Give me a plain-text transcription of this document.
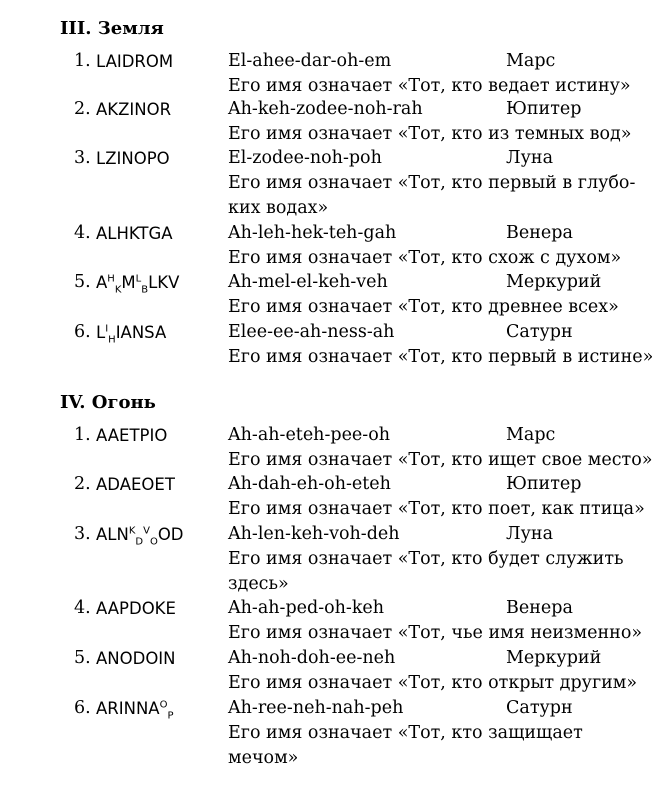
III. Земля
1. LAIDROM	El-ahee-dar-oh-em	Марс
Его имя означает «Тот, кто ведает истину»
2. AKZINOR	Ah-keh-zodee-noh-rah	Юпитер
Его имя означает «Тот, кто из темных вод»
3. LZINOPO	El-zodee-noh-poh	Луна
Его имя означает «Тот, кто первый в глубо-
ких водах»
4. ALHKTGA	Ah-leh-hek-teh-gah	Венера
Его имя означает «Тот, кто схож с духом»
5. $A^H_KM^L_BLKV$	Ah-mel-el-keh-veh	Меркурий
Его имя означает «Тот, кто древнее всех»
6. $L^I_HIANSA$	Elee-ee-ah-ness-ah	Сатурн
Его имя означает «Тот, кто первый в истине»
IV. Огонь
1. AAETPIO	Ah-ah-eteh-pee-oh	Марс
Его имя означает «Тот, кто ищет свое место»
2. ADAEOET	Ah-dah-eh-oh-eteh	Юпитер
Его имя означает «Тот, кто поет, как птица»
3. $ALN^K_D^V_OOD$	Ah-len-keh-voh-deh	Луна
Его имя означает «Тот, кто будет служить
здесь»
4. AAPDOKE	Ah-ah-ped-oh-keh	Венера
Его имя означает «Тот, чье имя неизменно»
5. ANODOIN	Ah-noh-doh-ee-neh	Меркурий
Его имя означает «Тот, кто открыт другим»
6. $ARINNA^O_P$	Ah-ree-neh-nah-peh	Сатурн
Его имя означает «Тот, кто защищает
мечом»
